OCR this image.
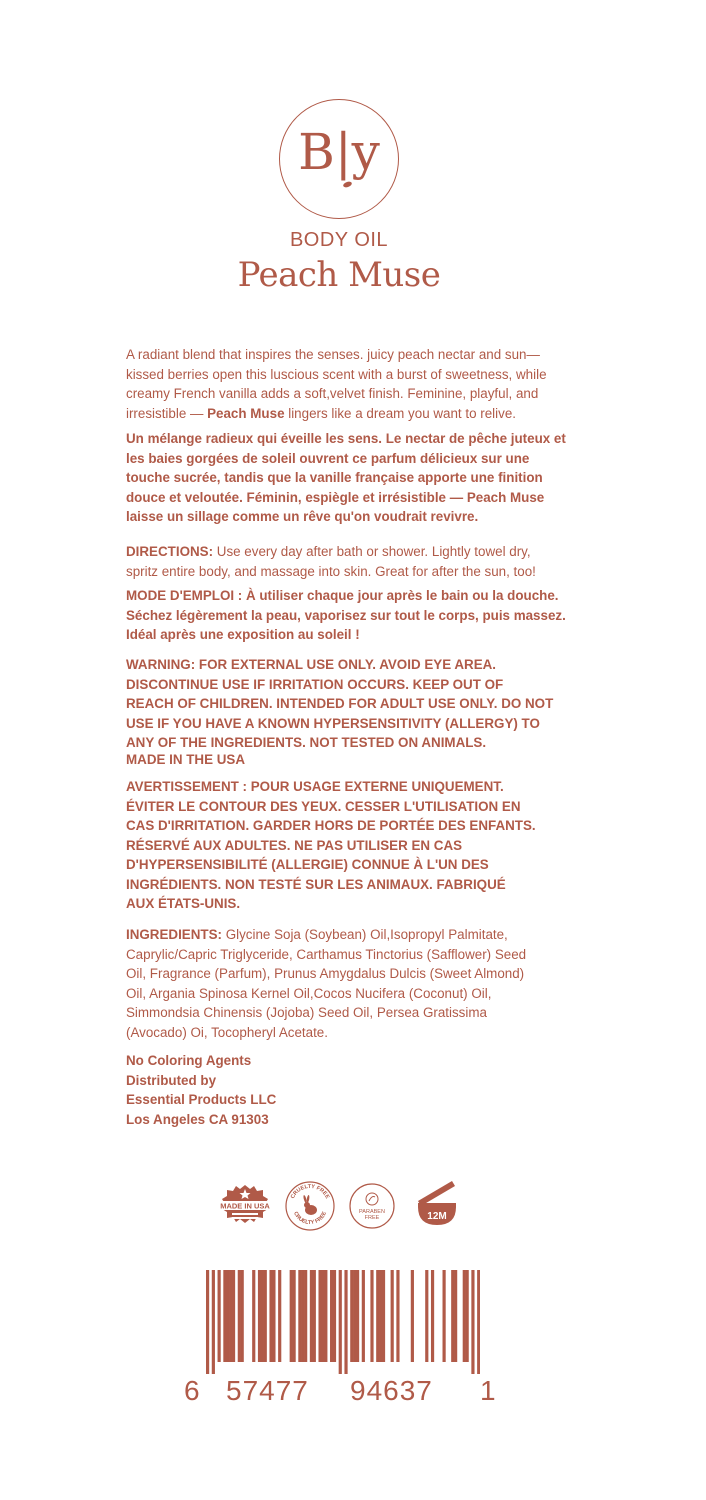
B|y
BODY OIL
Peach Muse

A radiant blend that inspires the senses. juicy peach nectar and sun—kissed berries open this luscious scent with a burst of sweetness, while creamy French vanilla adds a soft,velvet finish. Feminine, playful, and irresistible — Peach Muse lingers like a dream you want to relive.

Un mélange radieux qui éveille les sens. Le nectar de pêche juteux et les baies gorgées de soleil ouvrent ce parfum délicieux sur une touche sucrée, tandis que la vanille française apporte une finition douce et veloutée. Féminin, espiègle et irrésistible — Peach Muse laisse un sillage comme un rêve qu'on voudrait revivre.

DIRECTIONS: Use every day after bath or shower. Lightly towel dry, spritz entire body, and massage into skin. Great for after the sun, too!

MODE D'EMPLOI : À utiliser chaque jour après le bain ou la douche. Séchez légèrement la peau, vaporisez sur tout le corps, puis massez. Idéal après une exposition au soleil !
WARNING: FOR EXTERNAL USE ONLY. AVOID EYE AREA. DISCONTINUE USE IF IRRITATION OCCURS. KEEP OUT OF REACH OF CHILDREN. INTENDED FOR ADULT USE ONLY. DO NOT USE IF YOU HAVE A KNOWN HYPERSENSITIVITY (ALLERGY) TO ANY OF THE INGREDIENTS. NOT TESTED ON ANIMALS.
MADE IN THE USA
AVERTISSEMENT : POUR USAGE EXTERNE UNIQUEMENT. ÉVITER LE CONTOUR DES YEUX. CESSER L'UTILISATION EN CAS D'IRRITATION. GARDER HORS DE PORTÉE DES ENFANTS. RÉSERVÉ AUX ADULTES. NE PAS UTILISER EN CAS D'HYPERSENSIBILITÉ (ALLERGIE) CONNUE À L'UN DES INGRÉDIENTS. NON TESTÉ SUR LES ANIMAUX. FABRIQUÉ AUX ÉTATS-UNIS.

INGREDIENTS: Glycine Soja (Soybean) Oil,Isopropyl Palmitate, Caprylic/Capric Triglyceride, Carthamus Tinctorius (Safflower) Seed Oil, Fragrance (Parfum), Prunus Amygdalus Dulcis (Sweet Almond) Oil, Argania Spinosa Kernel Oil,Cocos Nucifera (Coconut) Oil, Simmondsia Chinensis (Jojoba) Seed Oil, Persea Gratissima (Avocado) Oi, Tocopheryl Acetate.

No Coloring Agents
Distributed by
Essential Products LLC
Los Angeles CA 91303
MADE IN USA
CRUELTY FREE
CRUELTY FREE	PARABEN
FREE	12M
6 57477 94637 1
